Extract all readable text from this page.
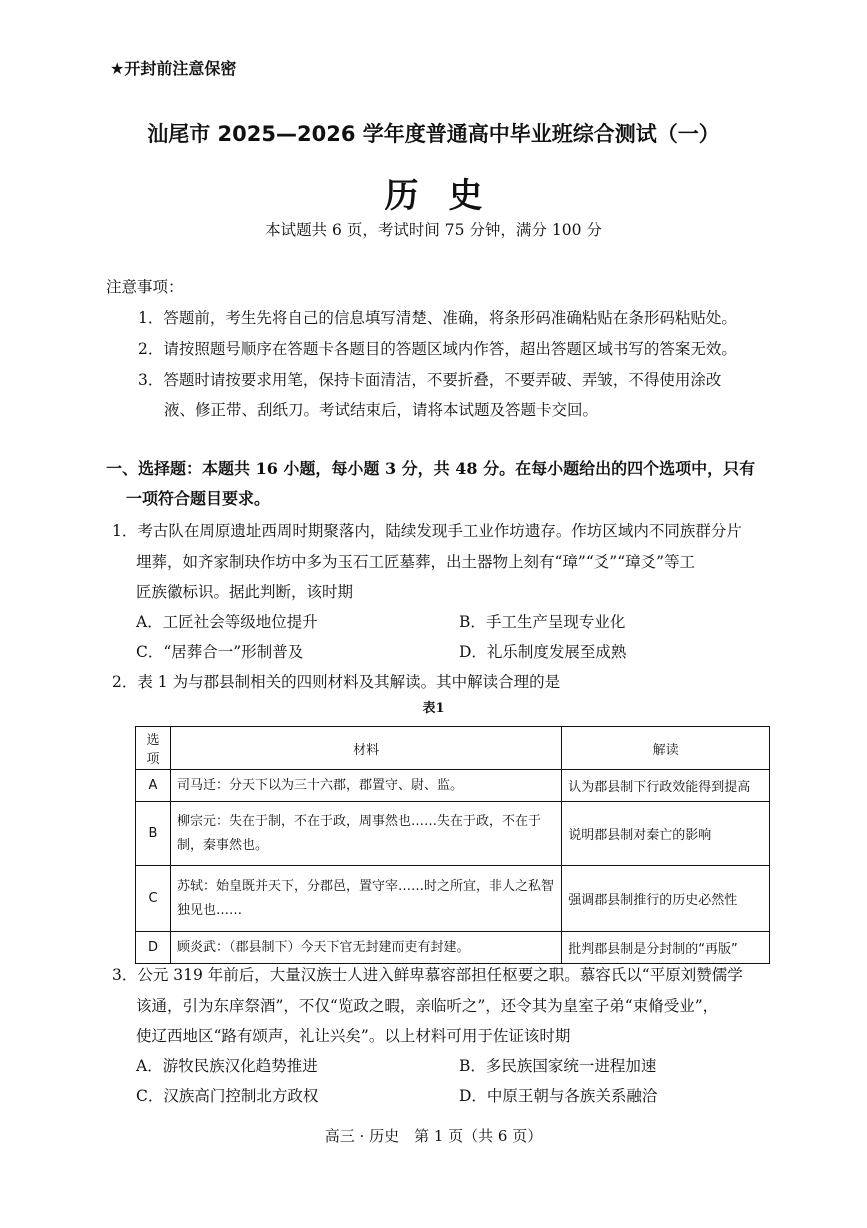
★开封前注意保密
汕尾市 2025—2026 学年度普通高中毕业班综合测试（一）
历史
本试题共 6 页，考试时间 75 分钟，满分 100 分
注意事项：
1．答题前，考生先将自己的信息填写清楚、准确，将条形码准确粘贴在条形码粘贴处。
2．请按照题号顺序在答题卡各题目的答题区域内作答，超出答题区域书写的答案无效。
3．答题时请按要求用笔，保持卡面清洁，不要折叠，不要弄破、弄皱，不得使用涂改
液、修正带、刮纸刀。考试结束后，请将本试题及答题卡交回。
一、选择题：本题共 16 小题，每小题 3 分，共 48 分。在每小题给出的四个选项中，只有
一项符合题目要求。
1．考古队在周原遗址西周时期聚落内，陆续发现手工业作坊遗存。作坊区域内不同族群分片
埋葬，如齐家制玦作坊中多为玉石工匠墓葬，出土器物上刻有“璋”“爻”“璋爻”等工
匠族徽标识。据此判断，该时期
A．工匠社会等级地位提升	B．手工生产呈现专业化
C．“居葬合一”形制普及	D．礼乐制度发展至成熟
2．表 1 为与郡县制相关的四则材料及其解读。其中解读合理的是
表1
选项	材料	解读
A	司马迁：分天下以为三十六郡，郡置守、尉、监。	认为郡县制下行政效能得到提高
B	柳宗元：失在于制，不在于政，周事然也……失在于政，不在于制，秦事然也。	说明郡县制对秦亡的影响
C	苏轼：始皇既并天下，分郡邑，置守宰……时之所宜，非人之私智独见也……	强调郡县制推行的历史必然性
D	顾炎武：（郡县制下）今天下官无封建而吏有封建。	批判郡县制是分封制的“再版”
3．公元 319 年前后，大量汉族士人进入鲜卑慕容部担任枢要之职。慕容氏以“平原刘赞儒学
该通，引为东庠祭酒”，不仅“览政之暇，亲临听之”，还令其为皇室子弟“束脩受业”，
使辽西地区“路有颂声，礼让兴矣”。以上材料可用于佐证该时期
A．游牧民族汉化趋势推进	B．多民族国家统一进程加速
C．汉族高门控制北方政权	D．中原王朝与各族关系融洽
高三 · 历史　第 1 页（共 6 页）
